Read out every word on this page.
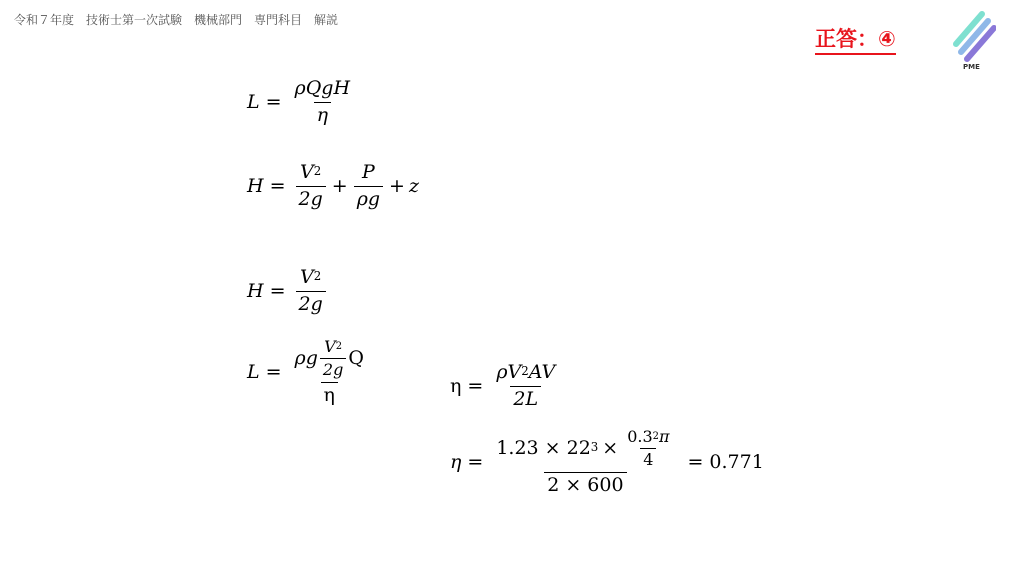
令和７年度　技術士第一次試験　機械部門　専門科目　解説
正答：④
PME
$L = \frac{\text{ρQgH}}{\eta}$
$H = \frac{V^2}{2g} + \frac{P}{\rho g} + z$
$H = \frac{V^2}{2g}$
$L = \frac{\rho g \frac{V^2}{2g} Q}{\eta}$	$\eta = \frac{\rho V^2 AV}{2L}$
$\eta = \frac{1.23 \times 22^3 \times \frac{0.3^2 \pi}{4}}{2 \times 600} = 0.771$
